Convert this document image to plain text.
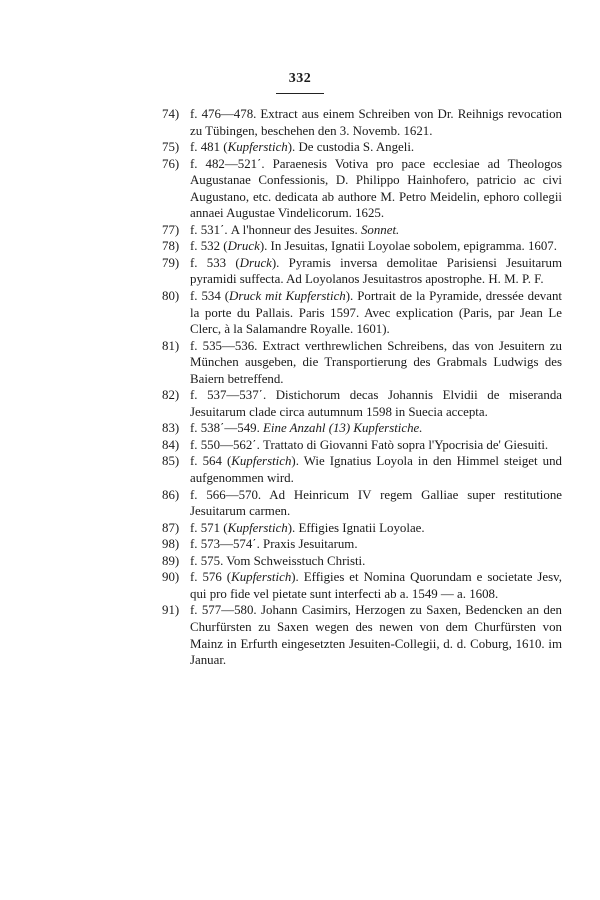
332
74) f. 476—478. Extract aus einem Schreiben von Dr. Reihnigs revocation zu Tübingen, beschehen den 3. Novemb. 1621.
75) f. 481 (Kupferstich). De custodia S. Angeli.
76) f. 482—521΄. Paraenesis Votiva pro pace ecclesiae ad Theologos Augustanae Confessionis, D. Philippo Hainhofero, patricio ac civi Augustano, etc. dedicata ab authore M. Petro Meidelin, ephoro collegii annaei Augustae Vindelicorum. 1625.
77) f. 531΄. A l'honneur des Jesuites. Sonnet.
78) f. 532 (Druck). In Jesuitas, Ignatii Loyolae sobolem, epigramma. 1607.
79) f. 533 (Druck). Pyramis inversa demolitae Parisiensi Jesuitarum pyramidi suffecta. Ad Loyolanos Jesuitastros apostrophe. H. M. P. F.
80) f. 534 (Druck mit Kupferstich). Portrait de la Pyramide, dressée devant la porte du Pallais. Paris 1597. Avec explication (Paris, par Jean Le Clerc, à la Salamandre Royalle. 1601).
81) f. 535—536. Extract verthrewlichen Schreibens, das von Jesuitern zu München ausgeben, die Transportierung des Grabmals Ludwigs des Baiern betreffend.
82) f. 537—537΄. Distichorum decas Johannis Elvidii de miseranda Jesuitarum clade circa autumnum 1598 in Suecia accepta.
83) f. 538΄—549. Eine Anzahl (13) Kupferstiche.
84) f. 550—562΄. Trattato di Giovanni Fatò sopra l'Ypocrisia de' Giesuiti.
85) f. 564 (Kupferstich). Wie Ignatius Loyola in den Himmel steiget und aufgenommen wird.
86) f. 566—570. Ad Heinricum IV regem Galliae super restitutione Jesuitarum carmen.
87) f. 571 (Kupferstich). Effigies Ignatii Loyolae.
98) f. 573—574΄. Praxis Jesuitarum.
89) f. 575. Vom Schweisstuch Christi.
90) f. 576 (Kupferstich). Effigies et Nomina Quorundam e societate Jesv, qui pro fide vel pietate sunt interfecti ab a. 1549 — a. 1608.
91) f. 577—580. Johann Casimirs, Herzogen zu Saxen, Bedencken an den Churfürsten zu Saxen wegen des newen von dem Churfürsten von Mainz in Erfurth eingesetzten Jesuiten-Collegii, d. d. Coburg, 1610. im Januar.
